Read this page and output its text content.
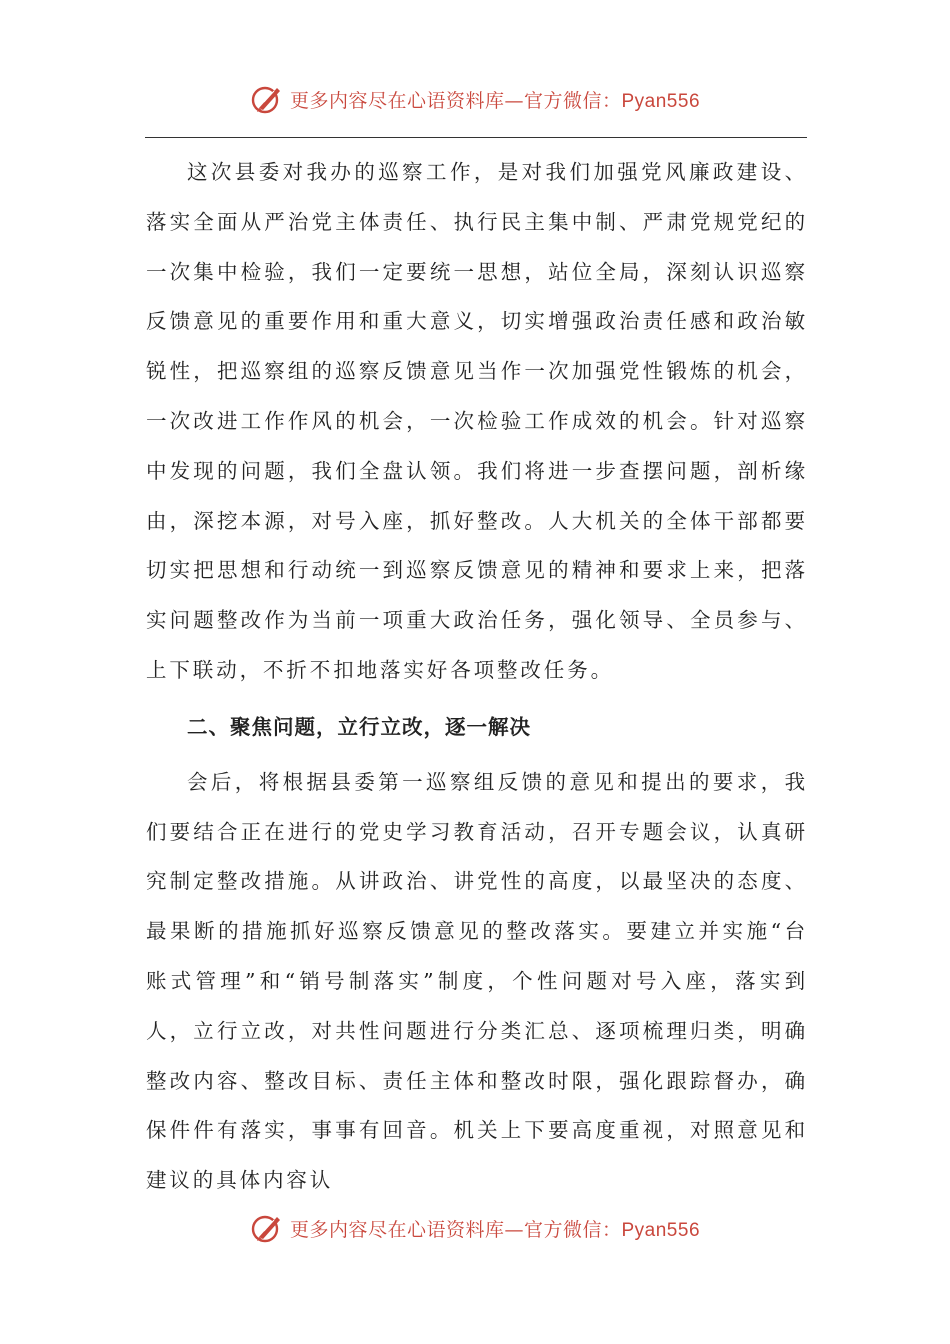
更多内容尽在心语资料库—官方微信：Pyan556

这次县委对我办的巡察工作，是对我们加强党风廉政建设、落实全面从严治党主体责任、执行民主集中制、严肃党规党纪的一次集中检验，我们一定要统一思想，站位全局，深刻认识巡察反馈意见的重要作用和重大意义，切实增强政治责任感和政治敏锐性，把巡察组的巡察反馈意见当作一次加强党性锻炼的机会，一次改进工作作风的机会，一次检验工作成效的机会。针对巡察中发现的问题，我们全盘认领。我们将进一步查摆问题，剖析缘由，深挖本源，对号入座，抓好整改。人大机关的全体干部都要切实把思想和行动统一到巡察反馈意见的精神和要求上来，把落实问题整改作为当前一项重大政治任务，强化领导、全员参与、上下联动，不折不扣地落实好各项整改任务。

二、聚焦问题，立行立改，逐一解决

会后，将根据县委第一巡察组反馈的意见和提出的要求，我们要结合正在进行的党史学习教育活动，召开专题会议，认真研究制定整改措施。从讲政治、讲党性的高度，以最坚决的态度、最果断的措施抓好巡察反馈意见的整改落实。要建立并实施“台账式管理”和“销号制落实”制度，个性问题对号入座，落实到人，立行立改，对共性问题进行分类汇总、逐项梳理归类，明确整改内容、整改目标、责任主体和整改时限，强化跟踪督办，确保件件有落实，事事有回音。机关上下要高度重视，对照意见和建议的具体内容认

更多内容尽在心语资料库—官方微信：Pyan556
